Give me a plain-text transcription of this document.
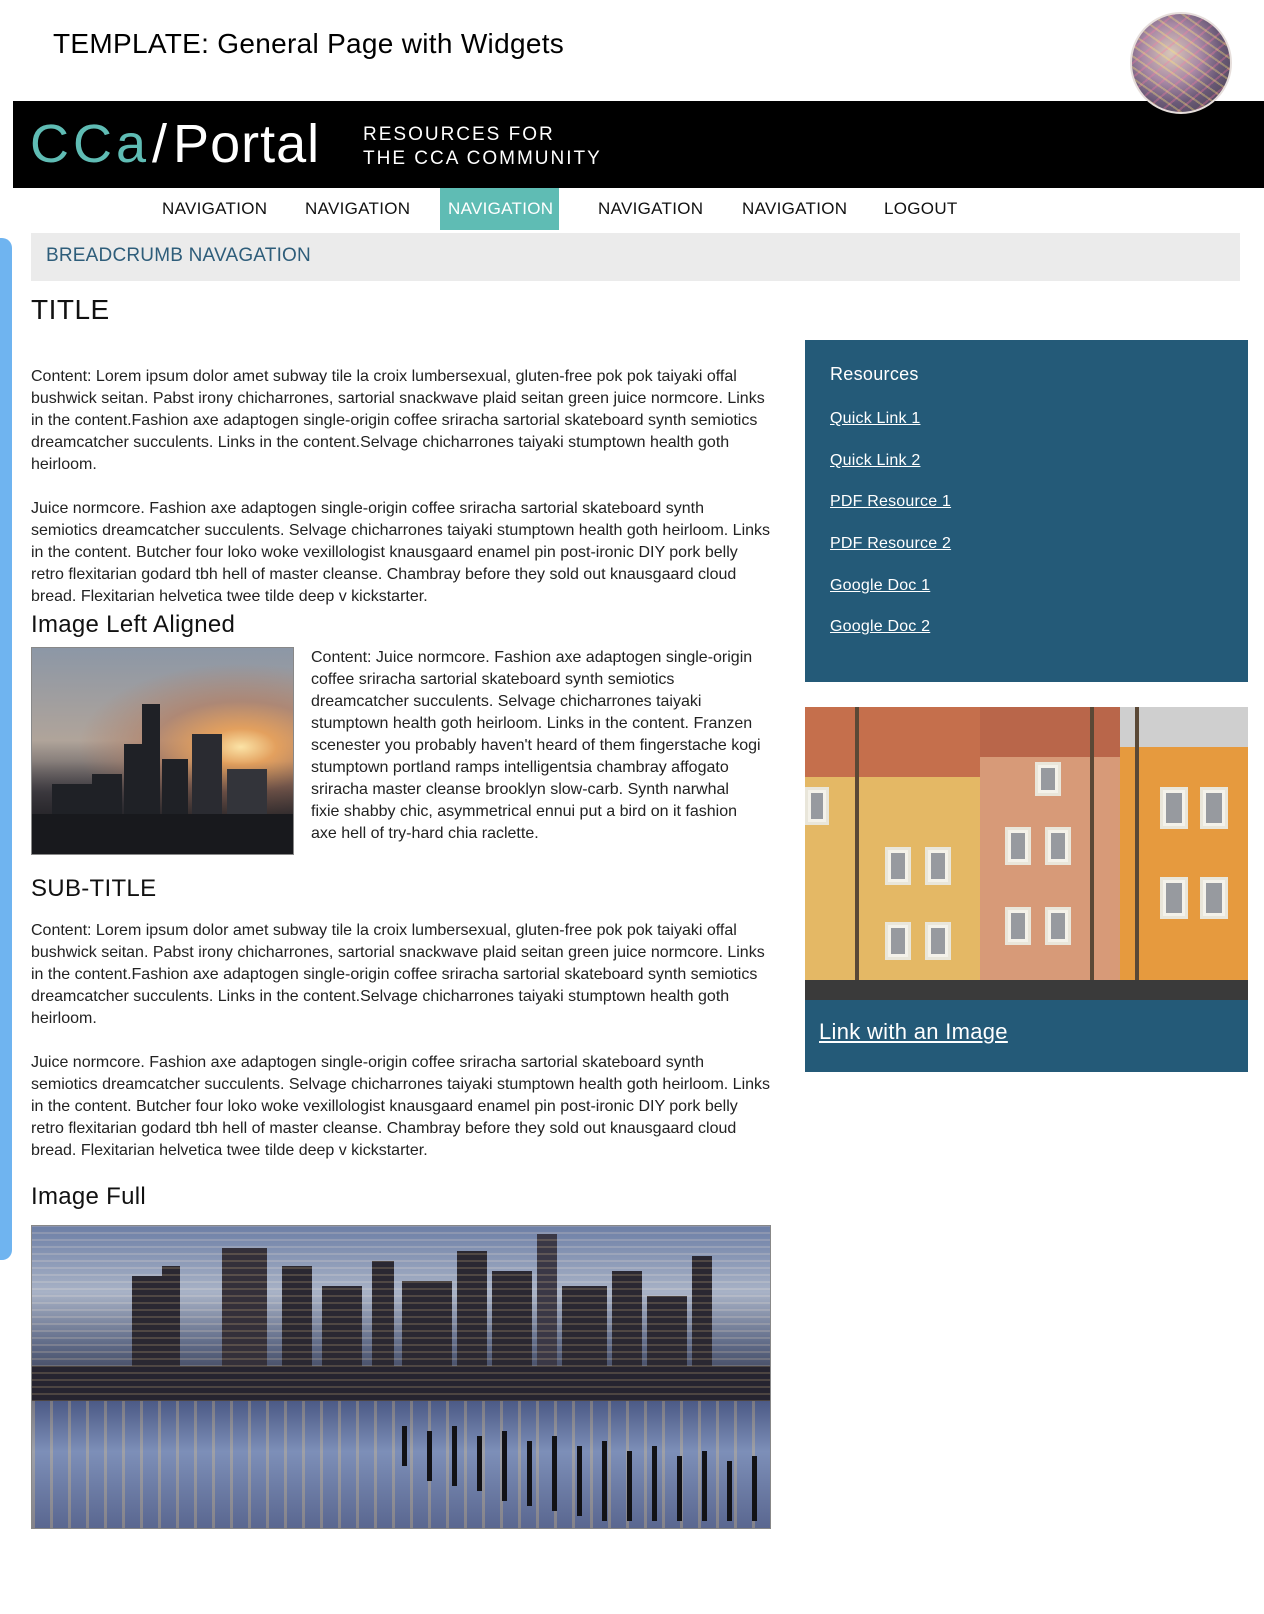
TEMPLATE: General Page with Widgets
CCa / Portal RESOURCES FOR
THE CCA COMMUNITY
NAVIGATION	NAVIGATION	NAVIGATION	NAVIGATION	NAVIGATION	LOGOUT
BREADCRUMB NAVAGATION
TITLE

Content: Lorem ipsum dolor amet subway tile la croix lumbersexual, gluten-free pok pok taiyaki offal bushwick seitan. Pabst irony chicharrones, sartorial snackwave plaid seitan green juice normcore. Links in the content.Fashion axe adaptogen single-origin coffee sriracha sartorial skateboard synth semiotics dreamcatcher succulents. Links in the content.Selvage chicharrones taiyaki stumptown health goth heirloom.

Juice normcore. Fashion axe adaptogen single-origin coffee sriracha sartorial skateboard synth semiotics dreamcatcher succulents. Selvage chicharrones taiyaki stumptown health goth heirloom. Links in the content. Butcher four loko woke vexillologist knausgaard enamel pin post-ironic DIY pork belly retro flexitarian godard tbh hell of master cleanse. Chambray before they sold out knausgaard cloud bread. Flexitarian helvetica twee tilde deep v kickstarter.

Image Left Aligned

Content: Juice normcore. Fashion axe adaptogen single-origin coffee sriracha sartorial skateboard synth semiotics dreamcatcher succulents. Selvage chicharrones taiyaki stumptown health goth heirloom. Links in the content. Franzen scenester you probably haven't heard of them fingerstache kogi stumptown portland ramps intelligentsia chambray affogato sriracha master cleanse brooklyn slow-carb. Synth narwhal fixie shabby chic, asymmetrical ennui put a bird on it fashion axe hell of try-hard chia raclette.

SUB-TITLE

Content: Lorem ipsum dolor amet subway tile la croix lumbersexual, gluten-free pok pok taiyaki offal bushwick seitan. Pabst irony chicharrones, sartorial snackwave plaid seitan green juice normcore. Links in the content.Fashion axe adaptogen single-origin coffee sriracha sartorial skateboard synth semiotics dreamcatcher succulents. Links in the content.Selvage chicharrones taiyaki stumptown health goth heirloom.

Juice normcore. Fashion axe adaptogen single-origin coffee sriracha sartorial skateboard synth semiotics dreamcatcher succulents. Selvage chicharrones taiyaki stumptown health goth heirloom. Links in the content. Butcher four loko woke vexillologist knausgaard enamel pin post-ironic DIY pork belly retro flexitarian godard tbh hell of master cleanse. Chambray before they sold out knausgaard cloud bread. Flexitarian helvetica twee tilde deep v kickstarter.

Image Full
Resources
Quick Link 1
Quick Link 2
PDF Resource 1
PDF Resource 2
Google Doc 1
Google Doc 2
Link with an Image
